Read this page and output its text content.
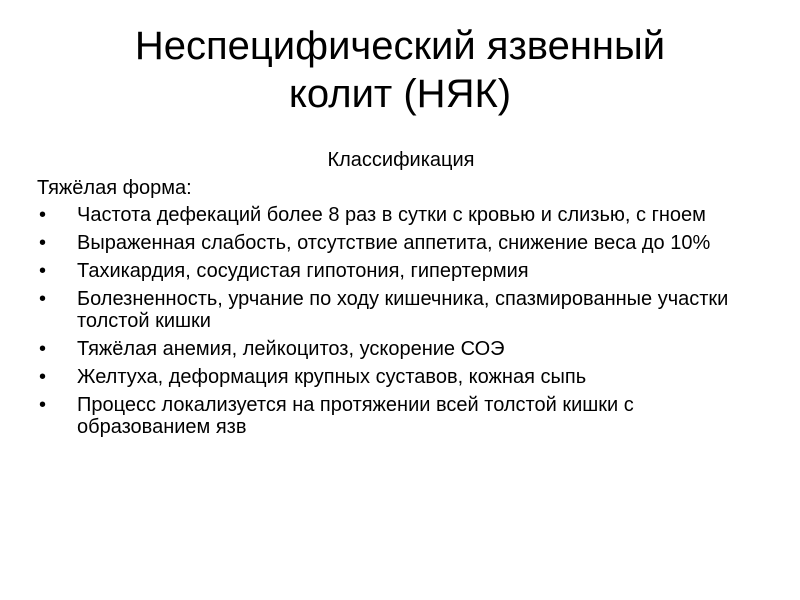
Неспецифический язвенный
колит (НЯК)
Классификация
Тяжёлая форма:
•	Частота дефекаций более 8 раз в сутки с кровью и слизью, с гноем
•	Выраженная слабость, отсутствие аппетита, снижение веса до 10%
•	Тахикардия, сосудистая гипотония, гипертермия
•	Болезненность, урчание по ходу кишечника, спазмированные участки толстой кишки
•	Тяжёлая анемия, лейкоцитоз, ускорение СОЭ
•	Желтуха, деформация крупных суставов, кожная сыпь
•	Процесс локализуется на протяжении всей толстой кишки с образованием язв
